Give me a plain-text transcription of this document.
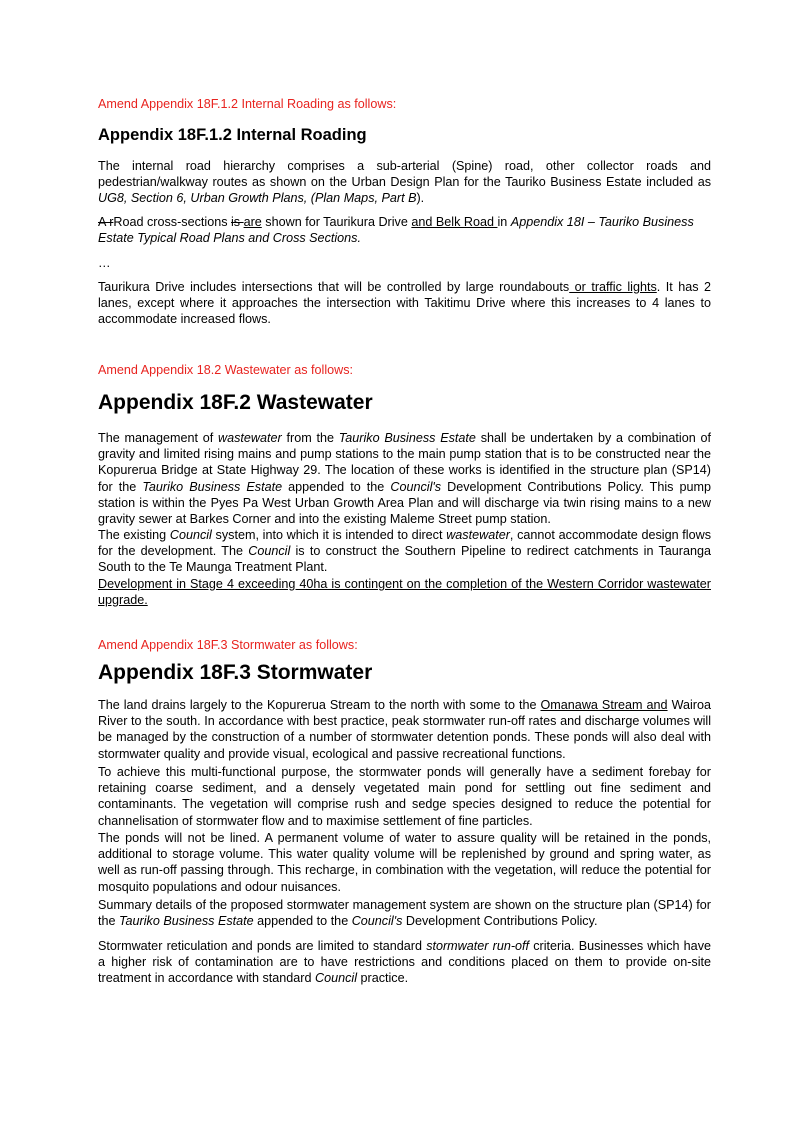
Amend Appendix 18F.1.2 Internal Roading as follows:
Appendix 18F.1.2 Internal Roading
The internal road hierarchy comprises a sub-arterial (Spine) road, other collector roads and pedestrian/walkway routes as shown on the Urban Design Plan for the Tauriko Business Estate included as UG8, Section 6, Urban Growth Plans, (Plan Maps, Part B).
A rRoad cross-sections is are shown for Taurikura Drive and Belk Road in Appendix 18I – Tauriko Business Estate Typical Road Plans and Cross Sections.
…
Taurikura Drive includes intersections that will be controlled by large roundabouts or traffic lights. It has 2 lanes, except where it approaches the intersection with Takitimu Drive where this increases to 4 lanes to accommodate increased flows.
Amend Appendix 18.2 Wastewater as follows:
Appendix 18F.2 Wastewater
The management of wastewater from the Tauriko Business Estate shall be undertaken by a combination of gravity and limited rising mains and pump stations to the main pump station that is to be constructed near the Kopurerua Bridge at State Highway 29. The location of these works is identified in the structure plan (SP14) for the Tauriko Business Estate appended to the Council's Development Contributions Policy. This pump station is within the Pyes Pa West Urban Growth Area Plan and will discharge via twin rising mains to a new gravity sewer at Barkes Corner and into the existing Maleme Street pump station.
The existing Council system, into which it is intended to direct wastewater, cannot accommodate design flows for the development. The Council is to construct the Southern Pipeline to redirect catchments in Tauranga South to the Te Maunga Treatment Plant.
Development in Stage 4 exceeding 40ha is contingent on the completion of the Western Corridor wastewater upgrade.
Amend Appendix 18F.3 Stormwater as follows:
Appendix 18F.3 Stormwater
The land drains largely to the Kopurerua Stream to the north with some to the Omanawa Stream and Wairoa River to the south. In accordance with best practice, peak stormwater run-off rates and discharge volumes will be managed by the construction of a number of stormwater detention ponds. These ponds will also deal with stormwater quality and provide visual, ecological and passive recreational functions.
To achieve this multi-functional purpose, the stormwater ponds will generally have a sediment forebay for retaining coarse sediment, and a densely vegetated main pond for settling out fine sediment and contaminants. The vegetation will comprise rush and sedge species designed to reduce the potential for channelisation of stormwater flow and to maximise settlement of fine particles.
The ponds will not be lined. A permanent volume of water to assure quality will be retained in the ponds, additional to storage volume. This water quality volume will be replenished by ground and spring water, as well as run-off passing through. This recharge, in combination with the vegetation, will reduce the potential for mosquito populations and odour nuisances.
Summary details of the proposed stormwater management system are shown on the structure plan (SP14) for the Tauriko Business Estate appended to the Council's Development Contributions Policy.
Stormwater reticulation and ponds are limited to standard stormwater run-off criteria. Businesses which have a higher risk of contamination are to have restrictions and conditions placed on them to provide on-site treatment in accordance with standard Council practice.
